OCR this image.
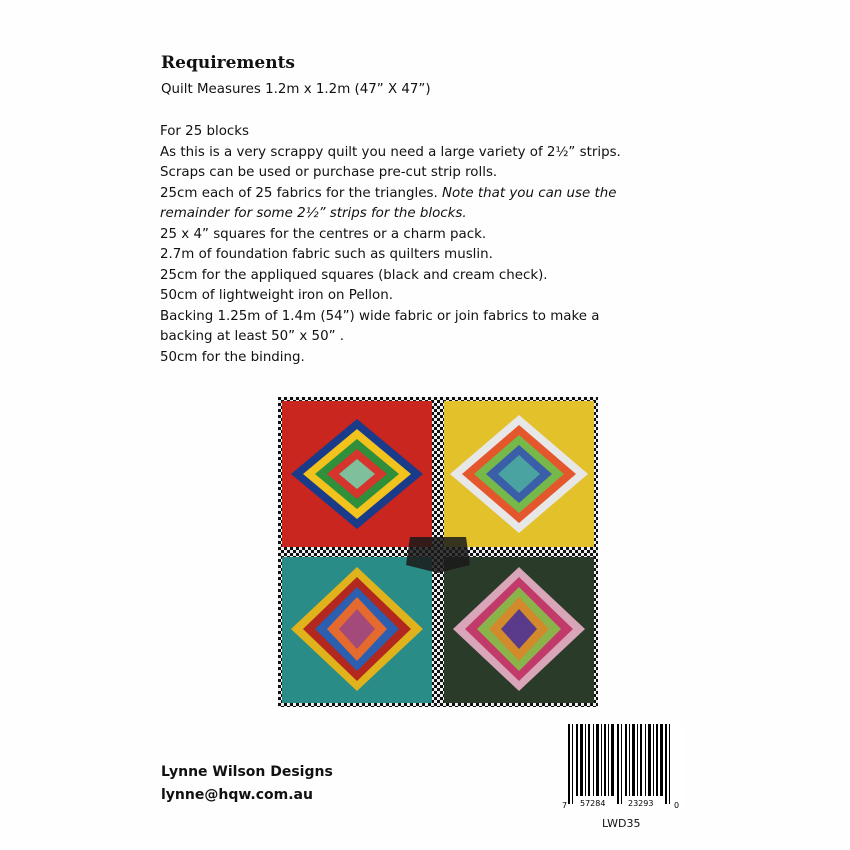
Requirements
Quilt Measures 1.2m x 1.2m (47” X 47”)
For 25 blocks
As this is a very scrappy quilt you need a large variety of 2½” strips.
Scraps can be used or purchase pre-cut strip rolls.
25cm each of 25 fabrics for the triangles. Note that you can use the
remainder for some 2½” strips for the blocks.
25 x 4” squares for the centres or a charm pack.
2.7m of foundation fabric such as quilters muslin.
25cm for the appliqued squares (black and cream check).
50cm of lightweight iron on Pellon.
Backing 1.25m of 1.4m (54”) wide fabric or join fabrics to make a
backing at least 50” x 50” .
50cm for the binding.
Lynne Wilson Designs
lynne@hqw.com.au
7 57284	23293	0
LWD35
